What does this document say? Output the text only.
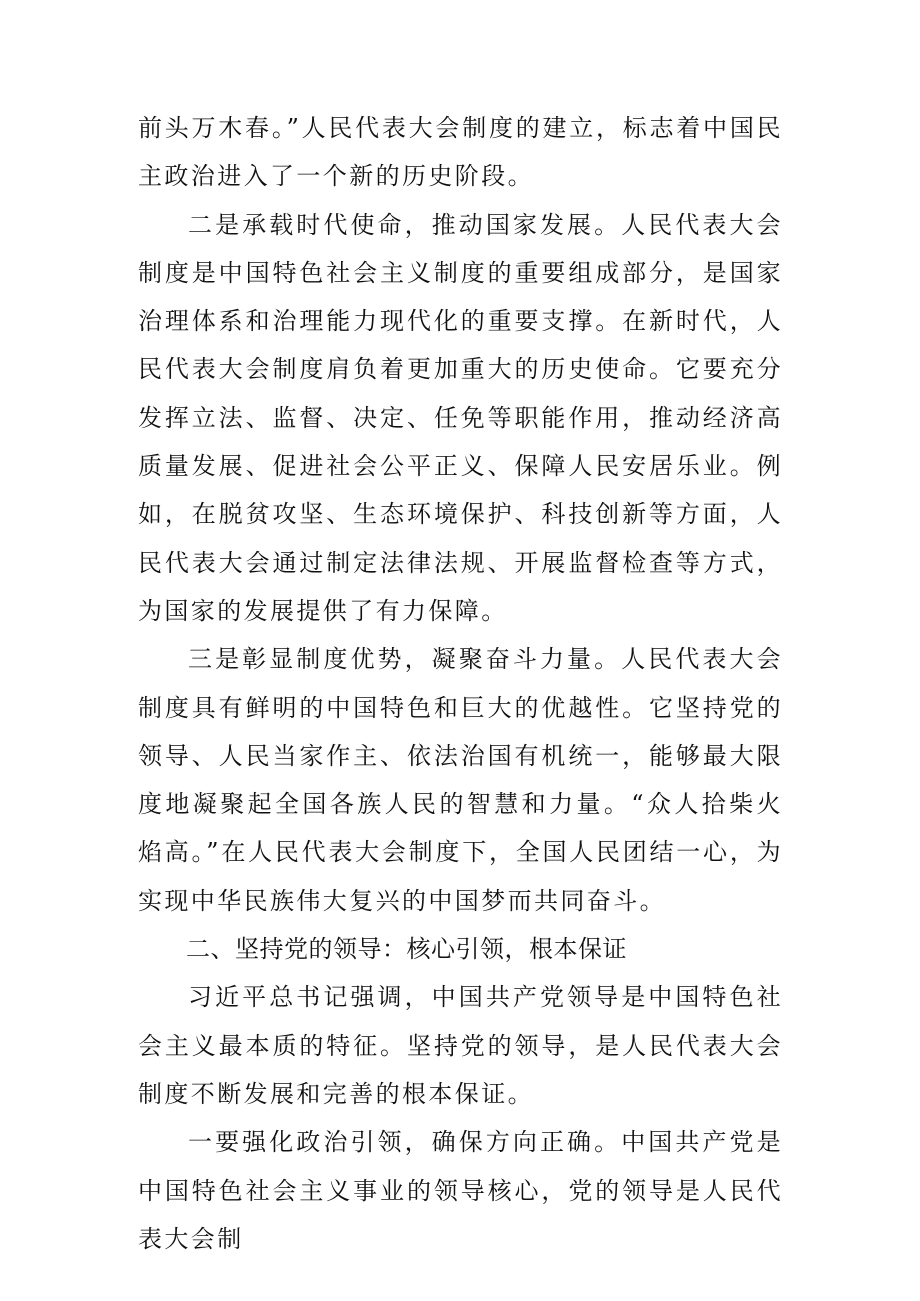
前头万木春。”人民代表大会制度的建立，标志着中国民主政治进入了一个新的历史阶段。

二是承载时代使命，推动国家发展。人民代表大会制度是中国特色社会主义制度的重要组成部分，是国家治理体系和治理能力现代化的重要支撑。在新时代，人民代表大会制度肩负着更加重大的历史使命。它要充分发挥立法、监督、决定、任免等职能作用，推动经济高质量发展、促进社会公平正义、保障人民安居乐业。例如，在脱贫攻坚、生态环境保护、科技创新等方面，人民代表大会通过制定法律法规、开展监督检查等方式，为国家的发展提供了有力保障。

三是彰显制度优势，凝聚奋斗力量。人民代表大会制度具有鲜明的中国特色和巨大的优越性。它坚持党的领导、人民当家作主、依法治国有机统一，能够最大限度地凝聚起全国各族人民的智慧和力量。“众人拾柴火焰高。”在人民代表大会制度下，全国人民团结一心，为实现中华民族伟大复兴的中国梦而共同奋斗。

二、坚持党的领导：核心引领，根本保证

习近平总书记强调，中国共产党领导是中国特色社会主义最本质的特征。坚持党的领导，是人民代表大会制度不断发展和完善的根本保证。

一要强化政治引领，确保方向正确。中国共产党是中国特色社会主义事业的领导核心，党的领导是人民代表大会制
